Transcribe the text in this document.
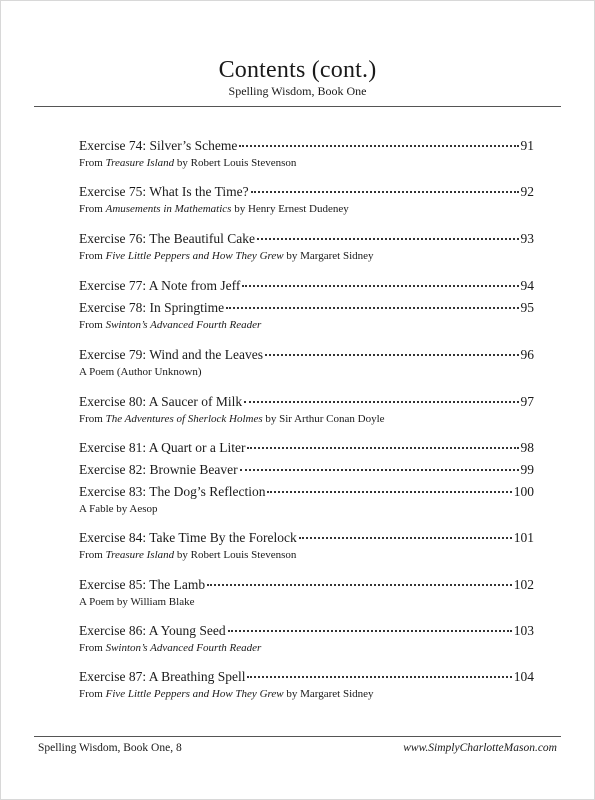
Contents (cont.)
Spelling Wisdom, Book One
Exercise 74: Silver’s Scheme	91
From Treasure Island by Robert Louis Stevenson
Exercise 75: What Is the Time?	92
From Amusements in Mathematics by Henry Ernest Dudeney
Exercise 76: The Beautiful Cake	93
From Five Little Peppers and How They Grew by Margaret Sidney
Exercise 77: A Note from Jeff	94
Exercise 78: In Springtime	95
From Swinton’s Advanced Fourth Reader
Exercise 79: Wind and the Leaves	96
A Poem (Author Unknown)
Exercise 80: A Saucer of Milk	97
From The Adventures of Sherlock Holmes by Sir Arthur Conan Doyle
Exercise 81: A Quart or a Liter	98
Exercise 82: Brownie Beaver	99
Exercise 83: The Dog’s Reflection	100
A Fable by Aesop
Exercise 84: Take Time By the Forelock	101
From Treasure Island by Robert Louis Stevenson
Exercise 85: The Lamb	102
A Poem by William Blake
Exercise 86: A Young Seed	103
From Swinton’s Advanced Fourth Reader
Exercise 87: A Breathing Spell	104
From Five Little Peppers and How They Grew by Margaret Sidney
Spelling Wisdom, Book One, 8	www.SimplyCharlotteMason.com
